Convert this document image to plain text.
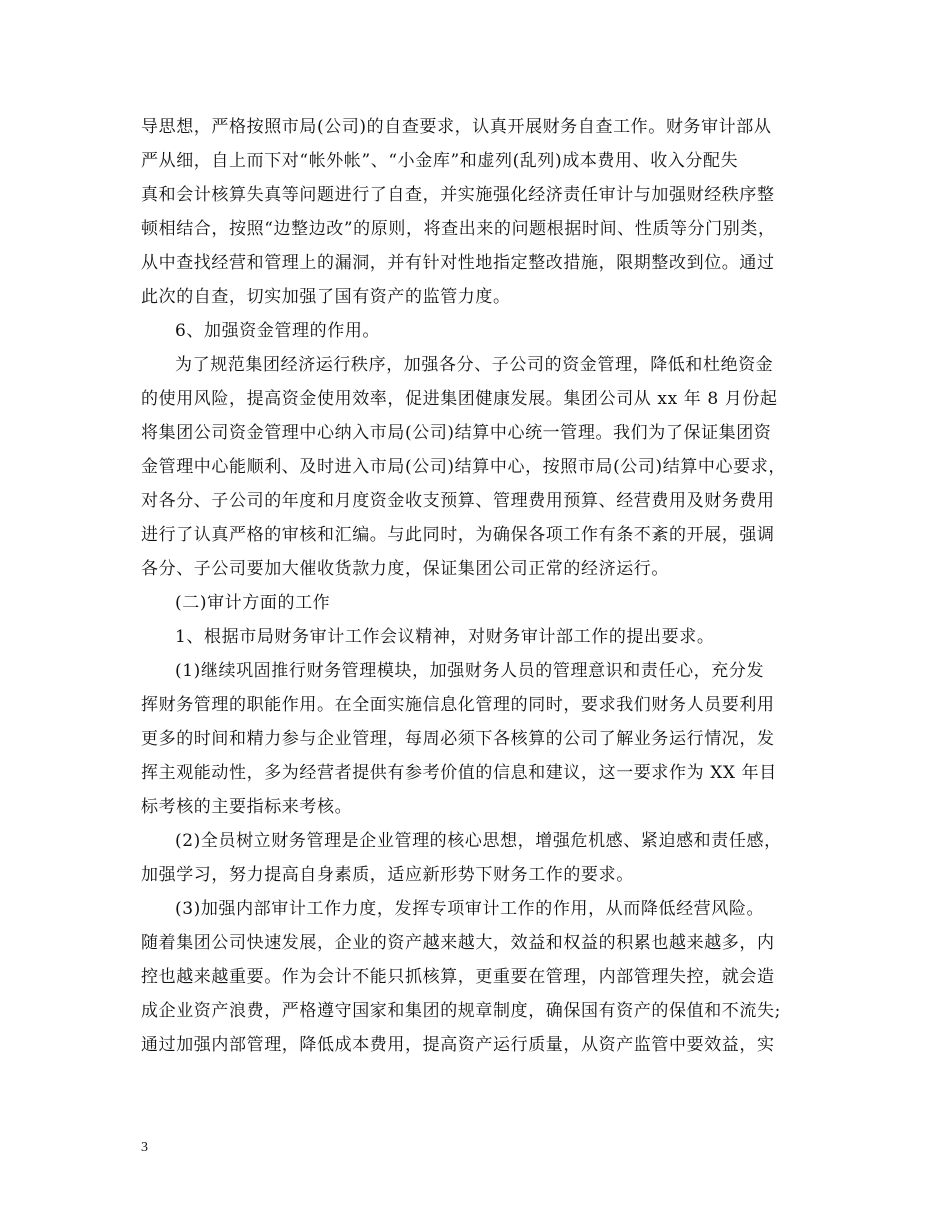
导思想，严格按照市局(公司)的自查要求，认真开展财务自查工作。财务审计部从
严从细，自上而下对“帐外帐”、“小金库”和虚列(乱列)成本费用、收入分配失
真和会计核算失真等问题进行了自查，并实施强化经济责任审计与加强财经秩序整
顿相结合，按照“边整边改”的原则，将查出来的问题根据时间、性质等分门别类，
从中查找经营和管理上的漏洞，并有针对性地指定整改措施，限期整改到位。通过
此次的自查，切实加强了国有资产的监管力度。
6、加强资金管理的作用。
为了规范集团经济运行秩序，加强各分、子公司的资金管理，降低和杜绝资金
的使用风险，提高资金使用效率，促进集团健康发展。集团公司从 xx 年 8 月份起
将集团公司资金管理中心纳入市局(公司)结算中心统一管理。我们为了保证集团资
金管理中心能顺利、及时进入市局(公司)结算中心，按照市局(公司)结算中心要求，
对各分、子公司的年度和月度资金收支预算、管理费用预算、经营费用及财务费用
进行了认真严格的审核和汇编。与此同时，为确保各项工作有条不紊的开展，强调
各分、子公司要加大催收货款力度，保证集团公司正常的经济运行。
(二)审计方面的工作
1、根据市局财务审计工作会议精神，对财务审计部工作的提出要求。
(1)继续巩固推行财务管理模块，加强财务人员的管理意识和责任心，充分发
挥财务管理的职能作用。在全面实施信息化管理的同时，要求我们财务人员要利用
更多的时间和精力参与企业管理，每周必须下各核算的公司了解业务运行情况，发
挥主观能动性，多为经营者提供有参考价值的信息和建议，这一要求作为 XX 年目
标考核的主要指标来考核。
(2)全员树立财务管理是企业管理的核心思想，增强危机感、紧迫感和责任感，
加强学习，努力提高自身素质，适应新形势下财务工作的要求。
(3)加强内部审计工作力度，发挥专项审计工作的作用，从而降低经营风险。
随着集团公司快速发展，企业的资产越来越大，效益和权益的积累也越来越多，内
控也越来越重要。作为会计不能只抓核算，更重要在管理，内部管理失控，就会造
成企业资产浪费，严格遵守国家和集团的规章制度，确保国有资产的保值和不流失;
通过加强内部管理，降低成本费用，提高资产运行质量，从资产监管中要效益，实
3
